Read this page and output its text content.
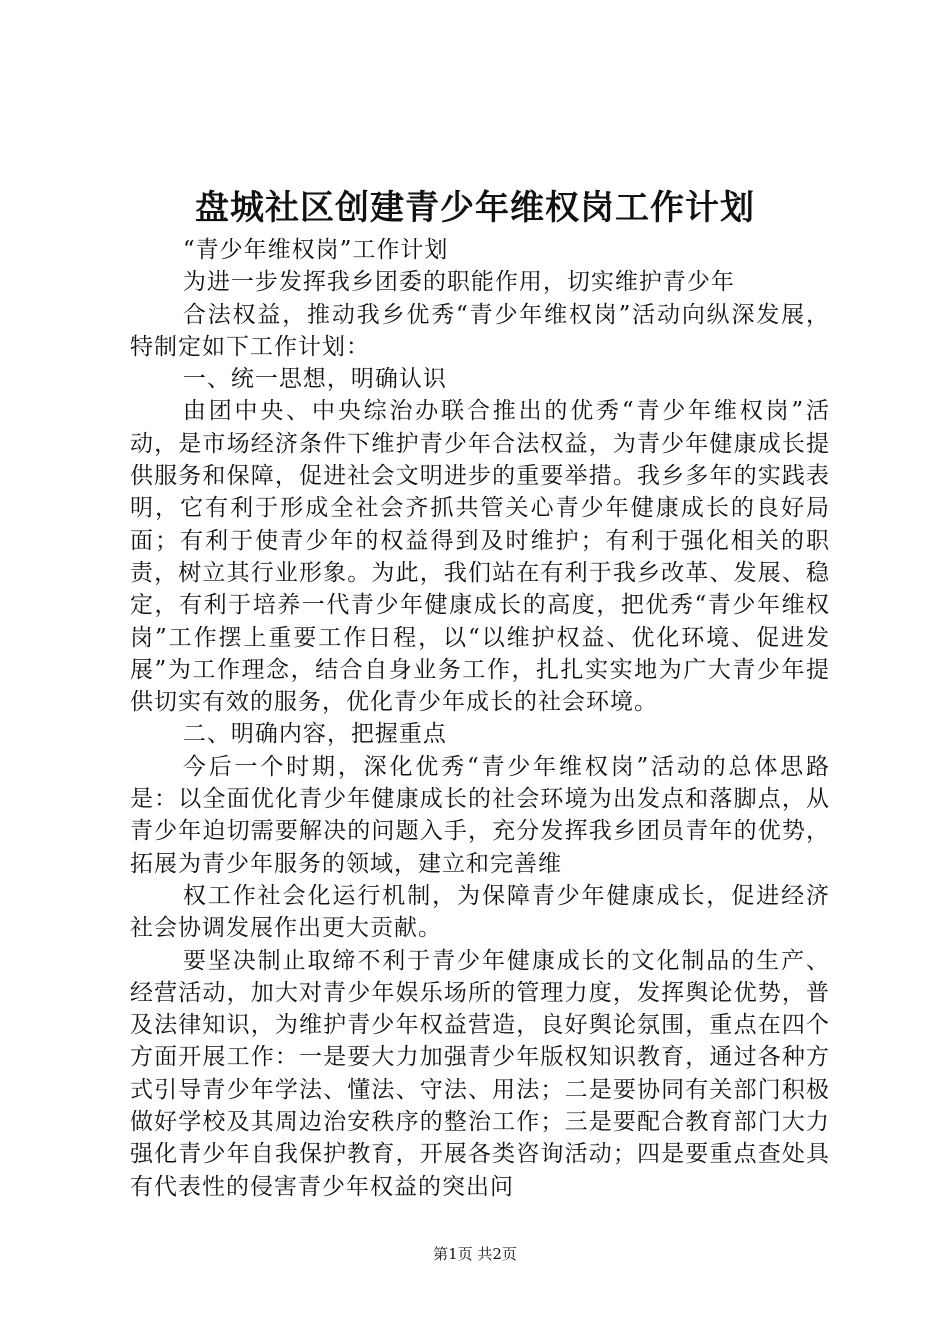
盘城社区创建青少年维权岗工作计划

“青少年维权岗”工作计划

为进一步发挥我乡团委的职能作用，切实维护青少年

合法权益，推动我乡优秀“青少年维权岗”活动向纵深发展，特制定如下工作计划：

一、统一思想，明确认识

由团中央、中央综治办联合推出的优秀“青少年维权岗”活动，是市场经济条件下维护青少年合法权益，为青少年健康成长提供服务和保障，促进社会文明进步的重要举措。我乡多年的实践表明，它有利于形成全社会齐抓共管关心青少年健康成长的良好局面；有利于使青少年的权益得到及时维护；有利于强化相关的职责，树立其行业形象。为此，我们站在有利于我乡改革、发展、稳定，有利于培养一代青少年健康成长的高度，把优秀“青少年维权岗”工作摆上重要工作日程，以“以维护权益、优化环境、促进发展”为工作理念，结合自身业务工作，扎扎实实地为广大青少年提供切实有效的服务，优化青少年成长的社会环境。

二、明确内容，把握重点

今后一个时期，深化优秀“青少年维权岗”活动的总体思路是：以全面优化青少年健康成长的社会环境为出发点和落脚点，从青少年迫切需要解决的问题入手，充分发挥我乡团员青年的优势，拓展为青少年服务的领域，建立和完善维

权工作社会化运行机制，为保障青少年健康成长，促进经济社会协调发展作出更大贡献。

要坚决制止取缔不利于青少年健康成长的文化制品的生产、经营活动，加大对青少年娱乐场所的管理力度，发挥舆论优势，普及法律知识，为维护青少年权益营造，良好舆论氛围，重点在四个方面开展工作：一是要大力加强青少年版权知识教育，通过各种方式引导青少年学法、懂法、守法、用法；二是要协同有关部门积极做好学校及其周边治安秩序的整治工作；三是要配合教育部门大力强化青少年自我保护教育，开展各类咨询活动；四是要重点查处具有代表性的侵害青少年权益的突出问

第1页 共2页
